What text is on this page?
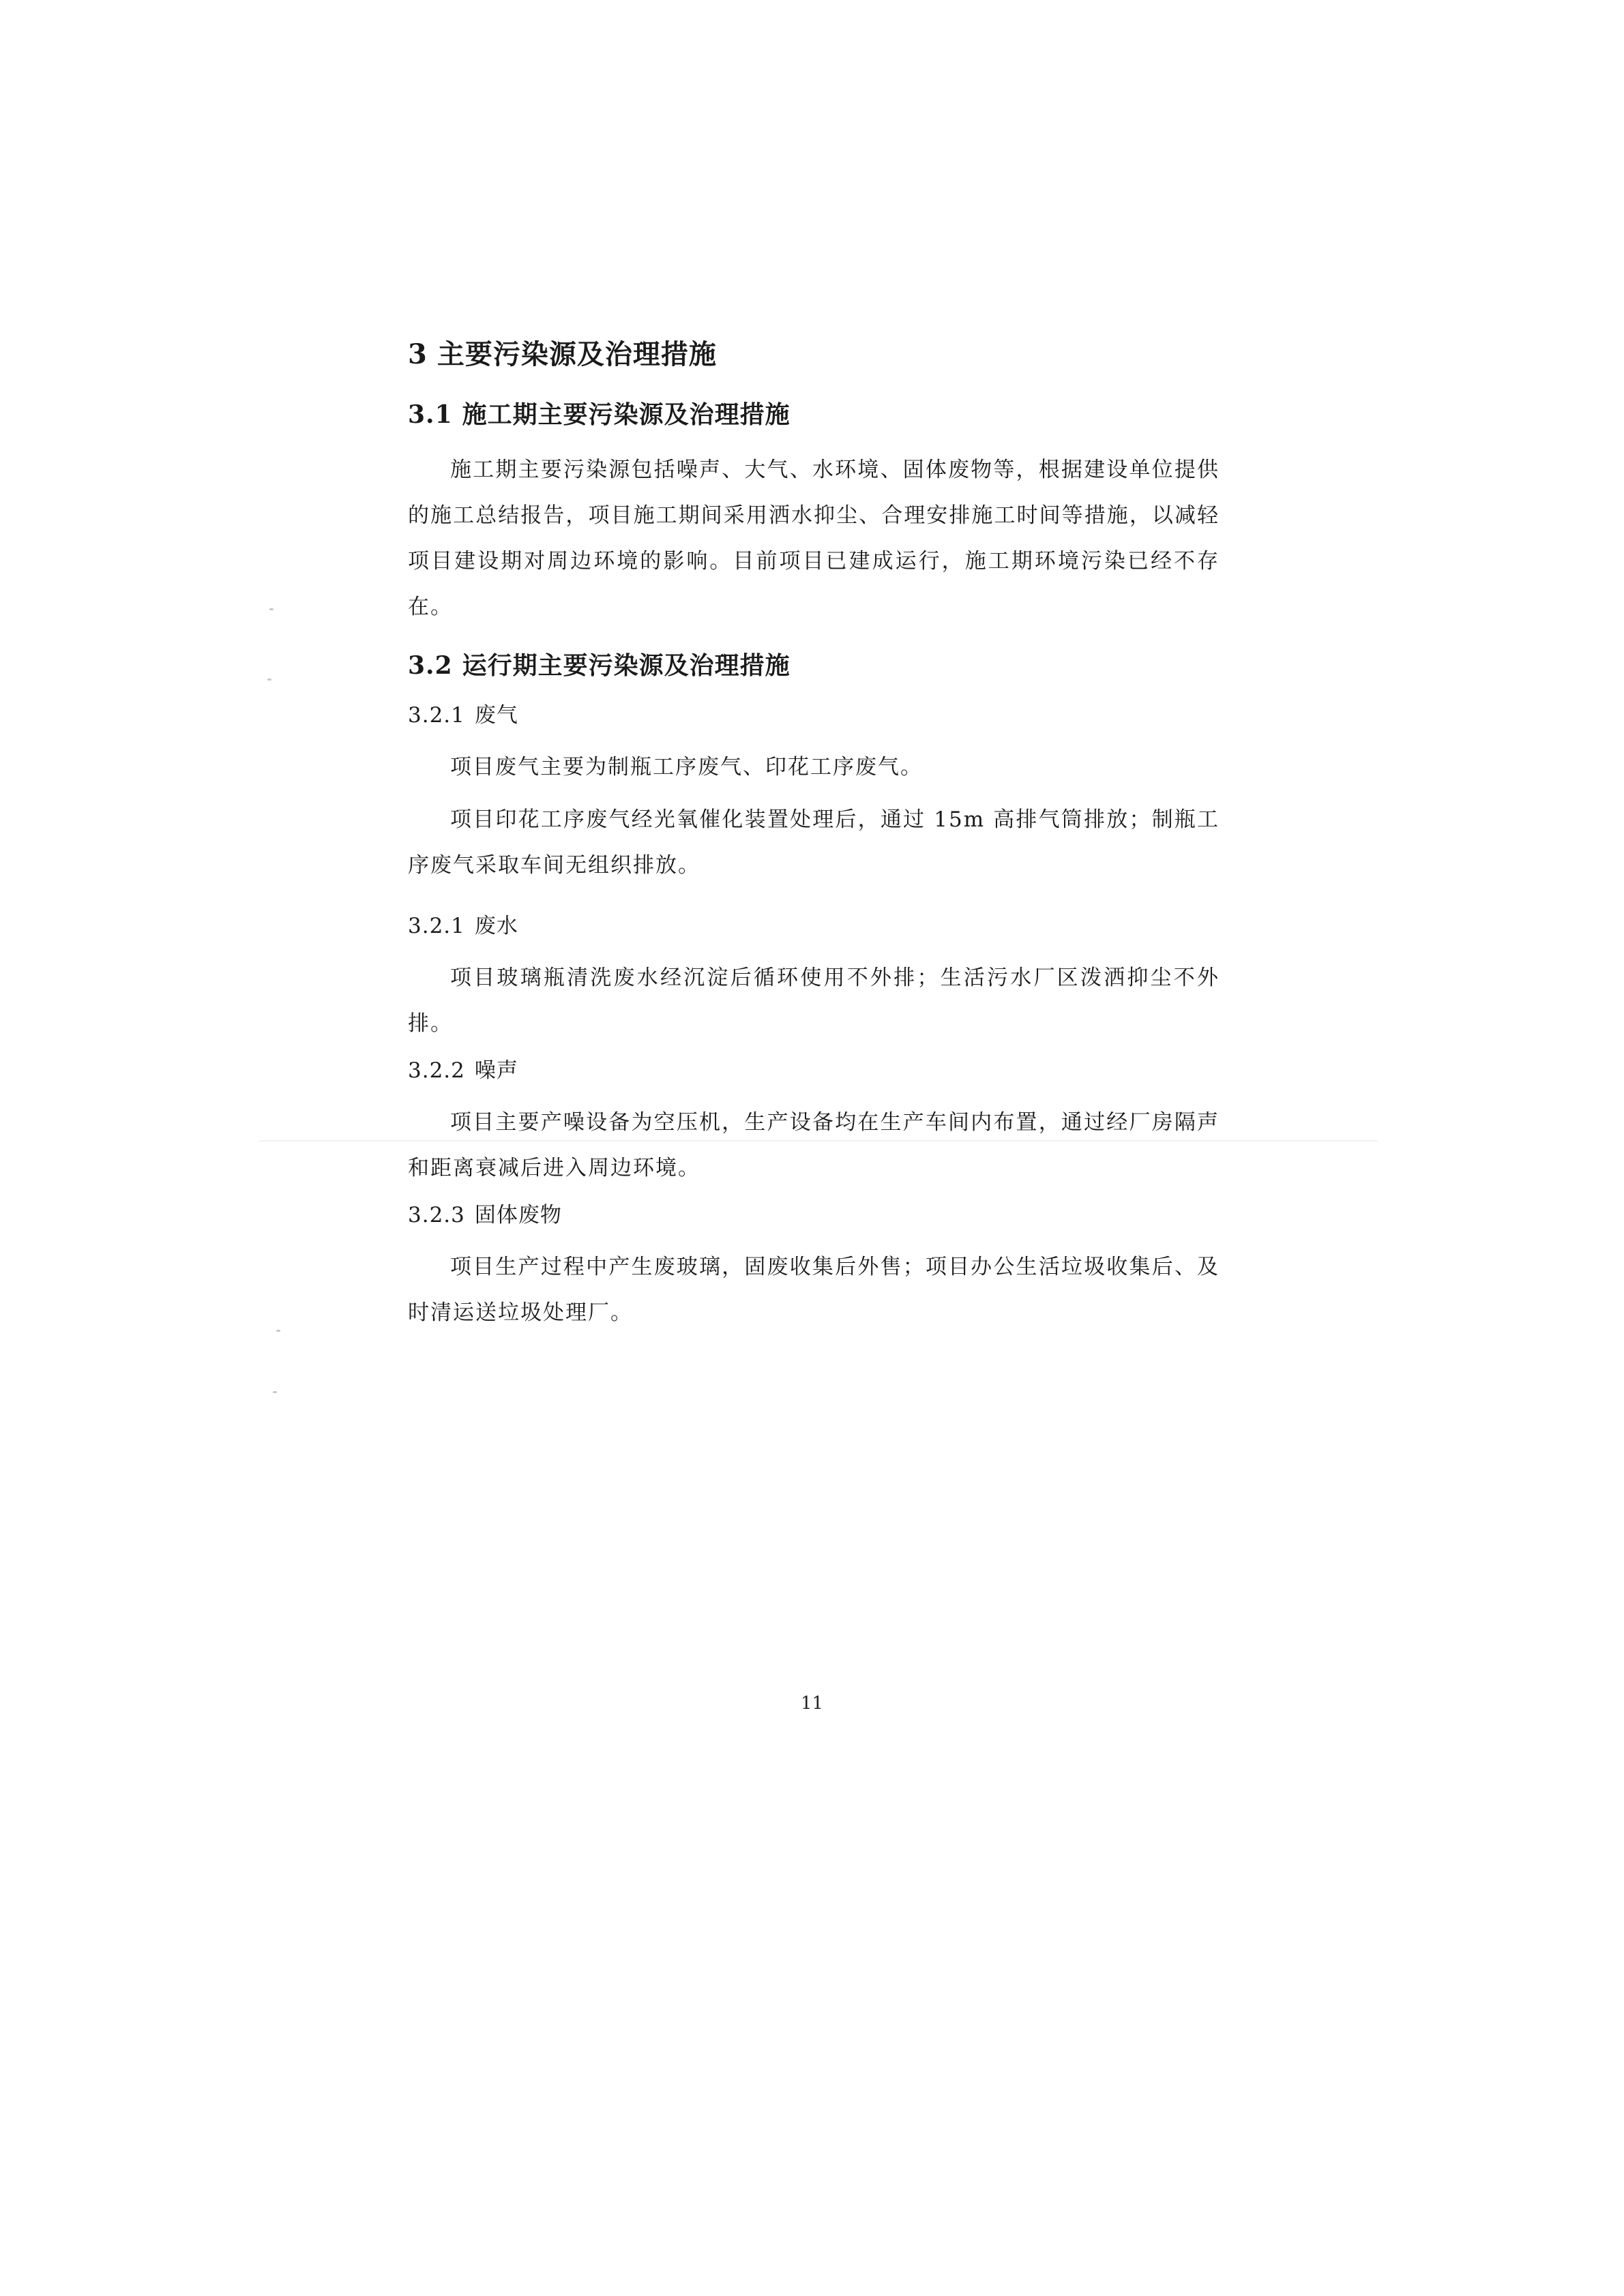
3 主要污染源及治理措施
3.1 施工期主要污染源及治理措施

施工期主要污染源包括噪声、大气、水环境、固体废物等，根据建设单位提供的施工总结报告，项目施工期间采用洒水抑尘、合理安排施工时间等措施，以减轻项目建设期对周边环境的影响。目前项目已建成运行，施工期环境污染已经不存在。

3.2 运行期主要污染源及治理措施
3.2.1 废气

项目废气主要为制瓶工序废气、印花工序废气。

项目印花工序废气经光氧催化装置处理后，通过 15m 高排气筒排放；制瓶工序废气采取车间无组织排放。

3.2.1 废水

项目玻璃瓶清洗废水经沉淀后循环使用不外排；生活污水厂区泼洒抑尘不外排。

3.2.2 噪声

项目主要产噪设备为空压机，生产设备均在生产车间内布置，通过经厂房隔声和距离衰减后进入周边环境。

3.2.3 固体废物

项目生产过程中产生废玻璃，固废收集后外售；项目办公生活垃圾收集后、及时清运送垃圾处理厂。

11
